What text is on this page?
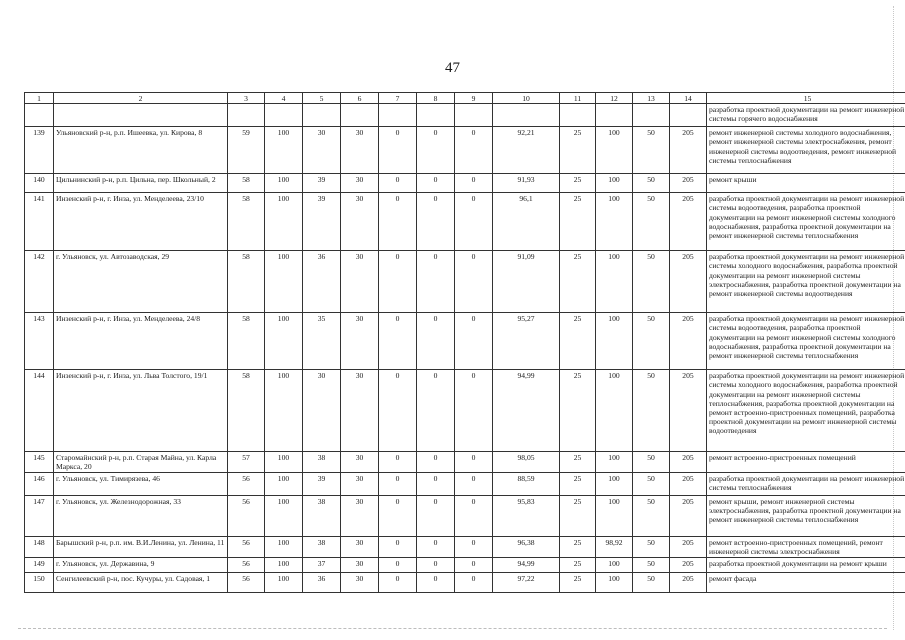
47
1	2	3	4	5	6	7	8	9	10	11	12	13	14	15
														разработка проектной документации на ремонт инженерной системы горячего водоснабжения
139	Ульяновский р-н, р.п. Ишеевка, ул. Кирова, 8	59	100	30	30	0	0	0	92,21	25	100	50	205	ремонт инженерной системы холодного водоснабжения, ремонт инженерной системы электроснабжения, ремонт инженерной системы водоотведения, ремонт инженерной системы теплоснабжения
140	Цильнинский р-н, р.п. Цильна, пер. Школьный, 2	58	100	39	30	0	0	0	91,93	25	100	50	205	ремонт крыши
141	Инзенский р-н, г. Инза, ул. Менделеева, 23/10	58	100	39	30	0	0	0	96,1	25	100	50	205	разработка проектной документации на ремонт инженерной системы водоотведения, разработка проектной документации на ремонт инженерной системы холодного водоснабжения, разработка проектной документации на ремонт инженерной системы теплоснабжения
142	г. Ульяновск, ул. Автозаводская, 29	58	100	36	30	0	0	0	91,09	25	100	50	205	разработка проектной документации на ремонт инженерной системы холодного водоснабжения, разработка проектной документации на ремонт инженерной системы электроснабжения, разработка проектной документации на ремонт инженерной системы водоотведения
143	Инзенский р-н, г. Инза, ул. Менделеева, 24/8	58	100	35	30	0	0	0	95,27	25	100	50	205	разработка проектной документации на ремонт инженерной системы водоотведения, разработка проектной документации на ремонт инженерной системы холодного водоснабжения, разработка проектной документации на ремонт инженерной системы теплоснабжения
144	Инзенский р-н, г. Инза, ул. Льва Толстого, 19/1	58	100	30	30	0	0	0	94,99	25	100	50	205	разработка проектной документации на ремонт инженерной системы холодного водоснабжения, разработка проектной документации на ремонт инженерной системы теплоснабжения, разработка проектной документации на ремонт встроенно-пристроенных помещений, разработка проектной документации на ремонт инженерной системы водоотведения
145	Старомайнский р-н, р.п. Старая Майна, ул. Карла Маркса, 20	57	100	38	30	0	0	0	98,05	25	100	50	205	ремонт встроенно-пристроенных помещений
146	г. Ульяновск, ул. Тимирязева, 46	56	100	39	30	0	0	0	88,59	25	100	50	205	разработка проектной документации на ремонт инженерной системы теплоснабжения
147	г. Ульяновск, ул. Железнодорожная, 33	56	100	38	30	0	0	0	95,83	25	100	50	205	ремонт крыши, ремонт инженерной системы электроснабжения, разработка проектной документации на ремонт инженерной системы теплоснабжения
148	Барышский р-н, р.п. им. В.И.Ленина, ул. Ленина, 11	56	100	38	30	0	0	0	96,38	25	98,92	50	205	ремонт встроенно-пристроенных помещений, ремонт инженерной системы электроснабжения
149	г. Ульяновск, ул. Державина, 9	56	100	37	30	0	0	0	94,99	25	100	50	205	разработка проектной документации на ремонт крыши
150	Сенгилеевский р-н, пос. Кучуры, ул. Садовая, 1	56	100	36	30	0	0	0	97,22	25	100	50	205	ремонт фасада
